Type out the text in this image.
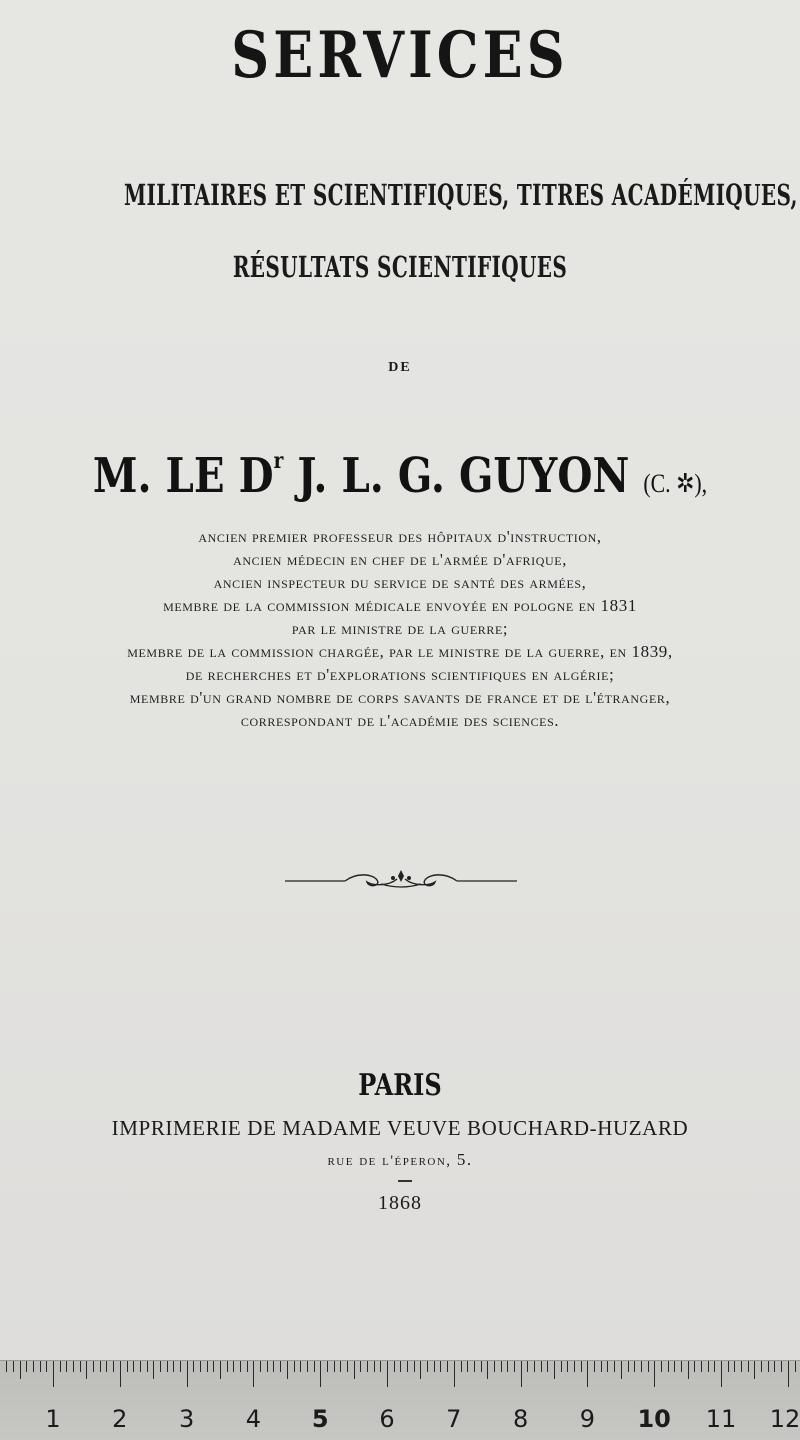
SERVICES
MILITAIRES ET SCIENTIFIQUES, TITRES ACADÉMIQUES,
RÉSULTATS SCIENTIFIQUES
DE
M. LE $D^r$ J. L. G. GUYON (C. ✲),
ancien premier professeur des hôpitaux d'instruction,
ancien médecin en chef de l'armée d'afrique,
ancien inspecteur du service de santé des armées,
membre de la commission médicale envoyée en pologne en 1831
par le ministre de la guerre;
membre de la commission chargée, par le ministre de la guerre, en 1839,
de recherches et d'explorations scientifiques en algérie;
membre d'un grand nombre de corps savants de france et de l'étranger,
correspondant de l'académie des sciences.
PARIS
IMPRIMERIE DE MADAME VEUVE BOUCHARD-HUZARD
rue de l'éperon, 5.
1868
1 2 3 4 5 6 7 8 9 10 11 12
